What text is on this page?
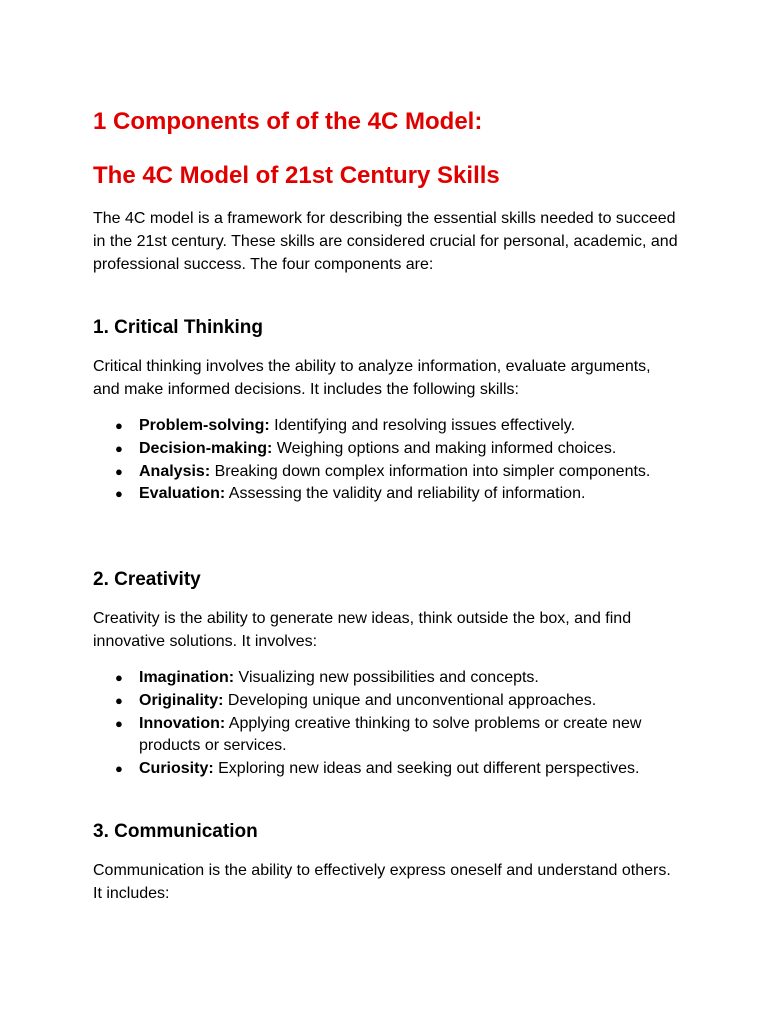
1 Components of of the 4C Model:
The 4C Model of 21st Century Skills

The 4C model is a framework for describing the essential skills needed to succeed in the 21st century. These skills are considered crucial for personal, academic, and professional success. The four components are:

1. Critical Thinking

Critical thinking involves the ability to analyze information, evaluate arguments, and make informed decisions. It includes the following skills:

● Problem-solving: Identifying and resolving issues effectively.
● Decision-making: Weighing options and making informed choices.
● Analysis: Breaking down complex information into simpler components.
● Evaluation: Assessing the validity and reliability of information.
2. Creativity

Creativity is the ability to generate new ideas, think outside the box, and find innovative solutions. It involves:

● Imagination: Visualizing new possibilities and concepts.
● Originality: Developing unique and unconventional approaches.
● Innovation: Applying creative thinking to solve problems or create new products or services.
● Curiosity: Exploring new ideas and seeking out different perspectives.
3. Communication

Communication is the ability to effectively express oneself and understand others. It includes:
